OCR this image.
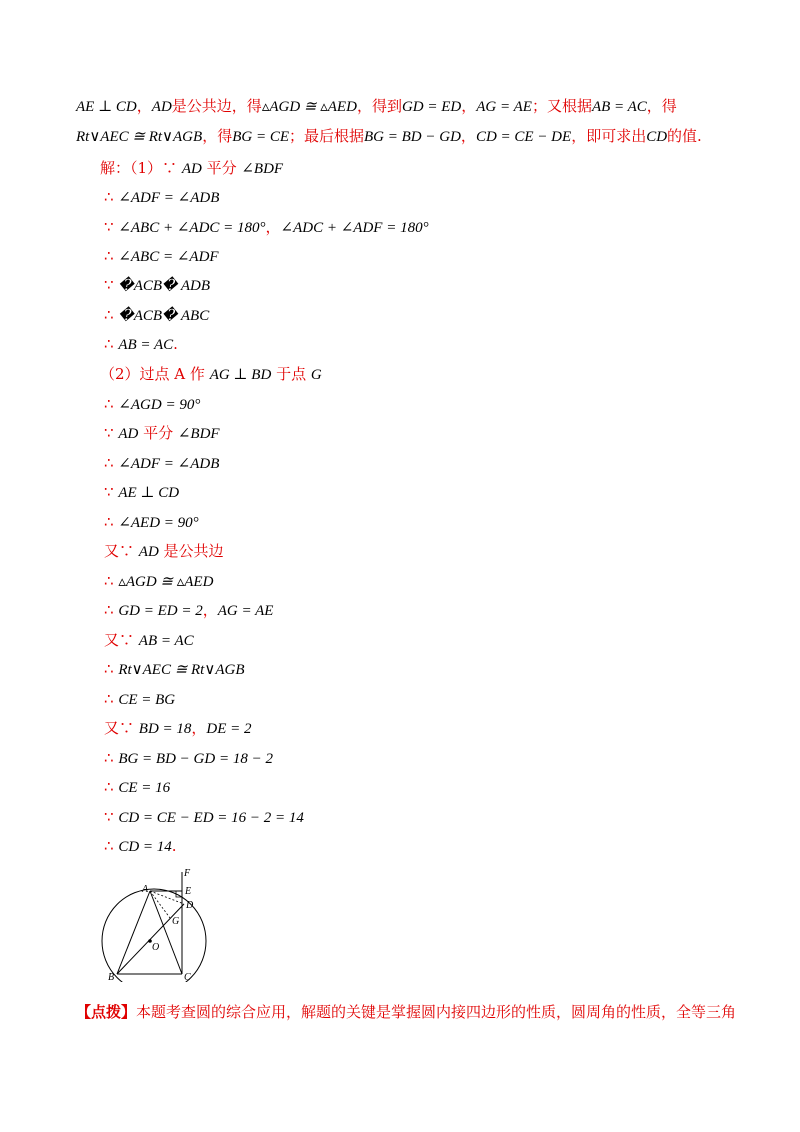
AE ⊥ CD，AD是公共边，得▵AGD ≅ ▵AED，得到GD = ED，AG = AE；又根据AB = AC，得
Rt∨AEC ≅ Rt∨AGB，得BG = CE；最后根据BG = BD − GD，CD = CE − DE，即可求出CD的值.
解：（1）∵ AD 平分 ∠BDF
∴ ∠ADF = ∠ADB
∵ ∠ABC + ∠ADC = 180°，∠ADC + ∠ADF = 180°
∴ ∠ABC = ∠ADF
∵ �ACB� ADB
∴ �ACB� ABC
∴ AB = AC.
（2）过点 A 作 AG ⊥ BD 于点 G
∴ ∠AGD = 90°
∵ AD 平分 ∠BDF
∴ ∠ADF = ∠ADB
∵ AE ⊥ CD
∴ ∠AED = 90°
又∵ AD 是公共边
∴ ▵AGD ≅ ▵AED
∴ GD = ED = 2，AG = AE
又∵ AB = AC
∴ Rt∨AEC ≅ Rt∨AGB
∴ CE = BG
又∵ BD = 18，DE = 2
∴ BG = BD − GD = 18 − 2
∴ CE = 16
∵ CD = CE − ED = 16 − 2 = 14
∴ CD = 14.
F
A	E
D
G
O
B	C
【点拨】本题考查圆的综合应用，解题的关键是掌握圆内接四边形的性质，圆周角的性质，全等三角
